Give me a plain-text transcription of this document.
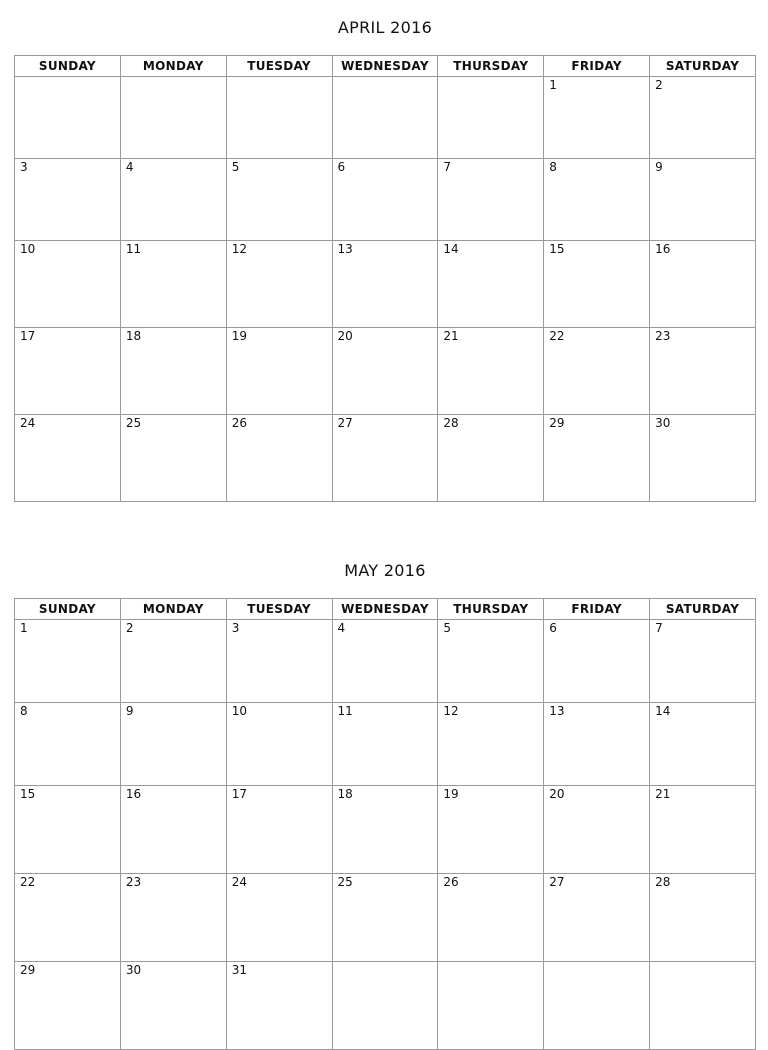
APRIL 2016
SUNDAY	MONDAY	TUESDAY	WEDNESDAY	THURSDAY	FRIDAY	SATURDAY

					1	2

3	4	5	6	7	8	9

10	11	12	13	14	15	16

17	18	19	20	21	22	23

24	25	26	27	28	29	30
MAY 2016
SUNDAY	MONDAY	TUESDAY	WEDNESDAY	THURSDAY	FRIDAY	SATURDAY

1	2	3	4	5	6	7

8	9	10	11	12	13	14

15	16	17	18	19	20	21

22	23	24	25	26	27	28

29	30	31				
